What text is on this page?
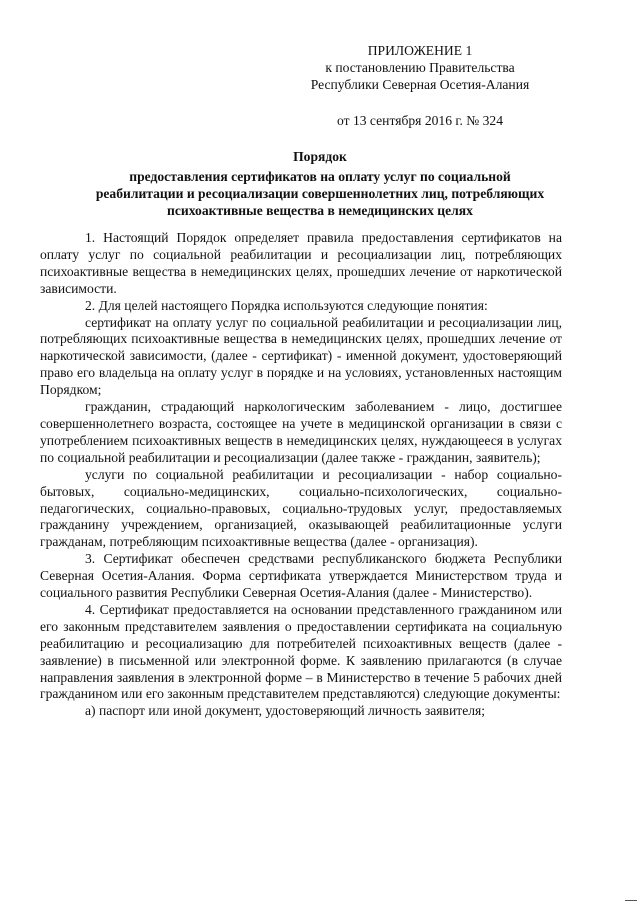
ПРИЛОЖЕНИЕ 1
к постановлению Правительства
Республики Северная Осетия-Алания
от 13 сентября 2016 г. № 324
Порядок
предоставления сертификатов на оплату услуг по социальной
реабилитации и ресоциализации совершеннолетних лиц, потребляющих
психоактивные вещества в немедицинских целях

1. Настоящий Порядок определяет правила предоставления сертификатов на оплату услуг по социальной реабилитации и ресоциализации лиц, потребляющих психоактивные вещества в немедицинских целях, прошедших лечение от наркотической зависимости.

2. Для целей настоящего Порядка используются следующие понятия:

сертификат на оплату услуг по социальной реабилитации и ресоциализации лиц, потребляющих психоактивные вещества в немедицинских целях, прошедших лечение от наркотической зависимости, (далее - сертификат) - именной документ, удостоверяющий право его владельца на оплату услуг в порядке и на условиях, установленных настоящим Порядком;

гражданин, страдающий наркологическим заболеванием - лицо, достигшее совершеннолетнего возраста, состоящее на учете в медицинской организации в связи с употреблением психоактивных веществ в немедицинских целях, нуждающееся в услугах по социальной реабилитации и ресоциализации (далее также - гражданин, заявитель);

услуги по социальной реабилитации и ресоциализации - набор социально-бытовых, социально-медицинских, социально-психологических, социально-педагогических, социально-правовых, социально-трудовых услуг, предоставляемых гражданину учреждением, организацией, оказывающей реабилитационные услуги гражданам, потребляющим психоактивные вещества (далее - организация).

3. Сертификат обеспечен средствами республиканского бюджета Республики Северная Осетия-Алания. Форма сертификата утверждается Министерством труда и социального развития Республики Северная Осетия-Алания (далее - Министерство).

4. Сертификат предоставляется на основании представленного гражданином или его законным представителем заявления о предоставлении сертификата на социальную реабилитацию и ресоциализацию для потребителей психоактивных веществ (далее - заявление) в письменной или электронной форме. К заявлению прилагаются (в случае направления заявления в электронной форме – в Министерство в течение 5 рабочих дней гражданином или его законным представителем представляются) следующие документы:

а) паспорт или иной документ, удостоверяющий личность заявителя;
